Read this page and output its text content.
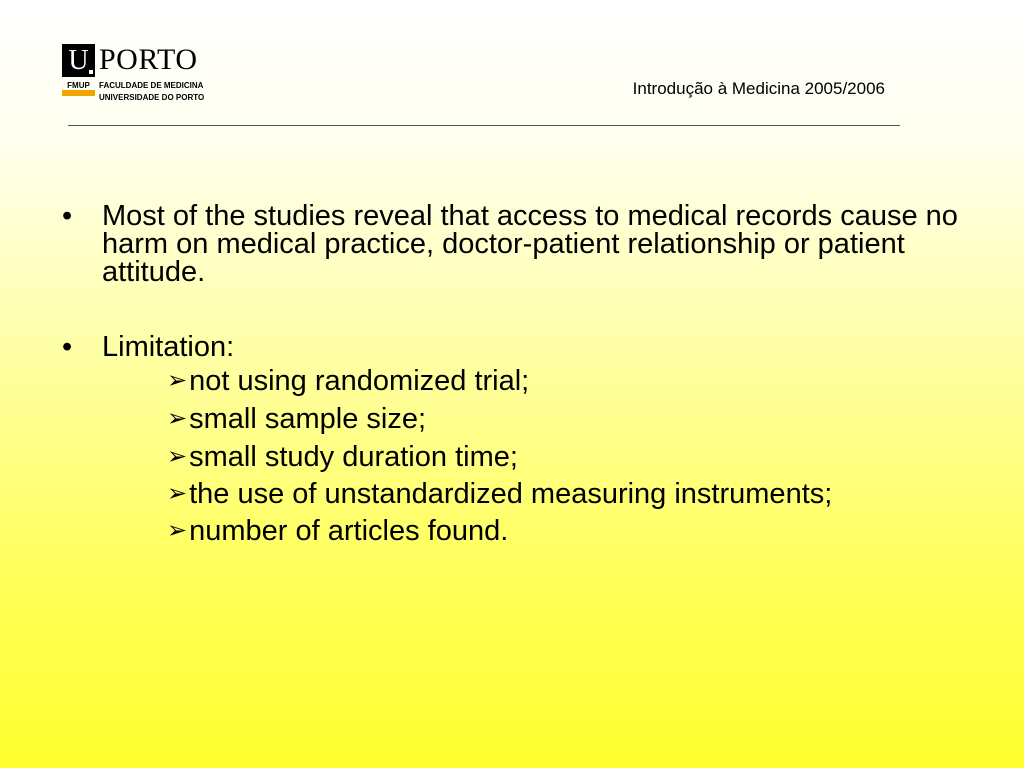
U PORTO
FMUP	FACULDADE DE MEDICINA
UNIVERSIDADE DO PORTO	Introdução à Medicina 2005/2006
• Most of the studies reveal that access to medical records cause no harm on medical practice, doctor-patient relationship or patient attitude.
• Limitation:
➢not using randomized trial;
➢small sample size;
➢small study duration time;
➢the use of unstandardized measuring instruments;
➢number of articles found.
